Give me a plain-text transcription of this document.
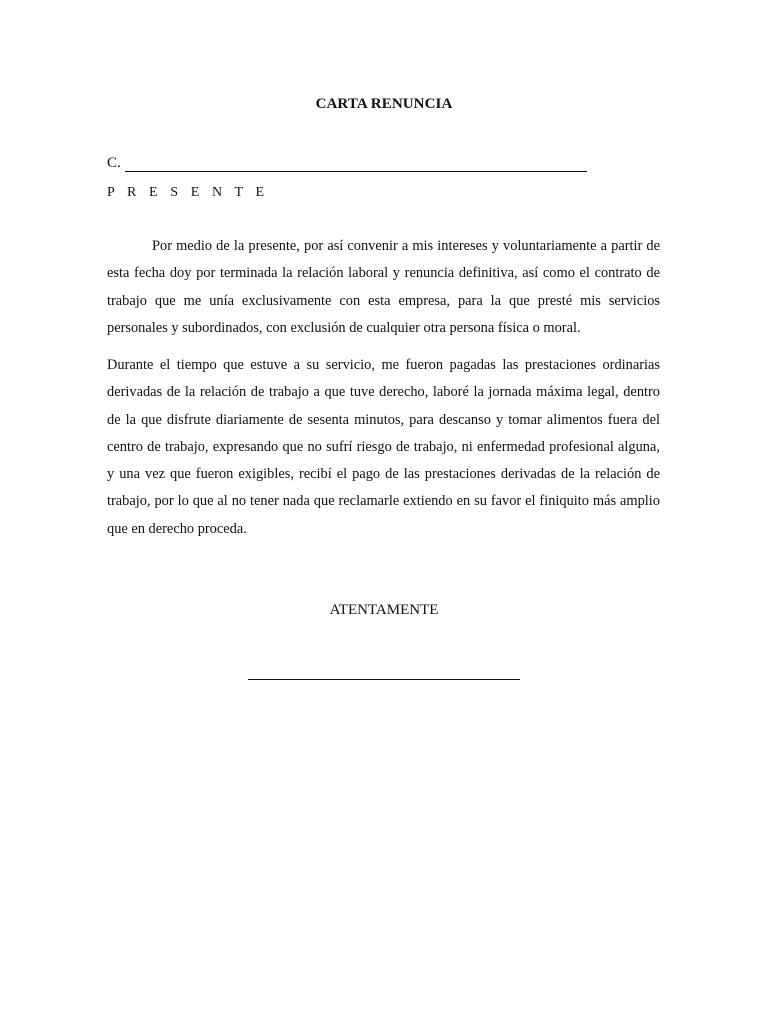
CARTA RENUNCIA
C.
P R E S E N T E

Por medio de la presente, por así convenir a mis intereses y voluntariamente a partir de esta fecha doy por terminada la relación laboral y renuncia definitiva, así como el contrato de trabajo que me unía exclusivamente con esta empresa, para la que presté mis servicios personales y subordinados, con exclusión de cualquier otra persona física o moral.

Durante el tiempo que estuve a su servicio, me fueron pagadas las prestaciones ordinarias derivadas de la relación de trabajo a que tuve derecho, laboré la jornada máxima legal, dentro de la que disfrute diariamente de sesenta minutos, para descanso y tomar alimentos fuera del centro de trabajo, expresando que no sufrí riesgo de trabajo, ni enfermedad profesional alguna, y una vez que fueron exigibles, recibí el pago de las prestaciones derivadas de la relación de trabajo, por lo que al no tener nada que reclamarle extiendo en su favor el finiquito más amplio que en derecho proceda.

ATENTAMENTE
